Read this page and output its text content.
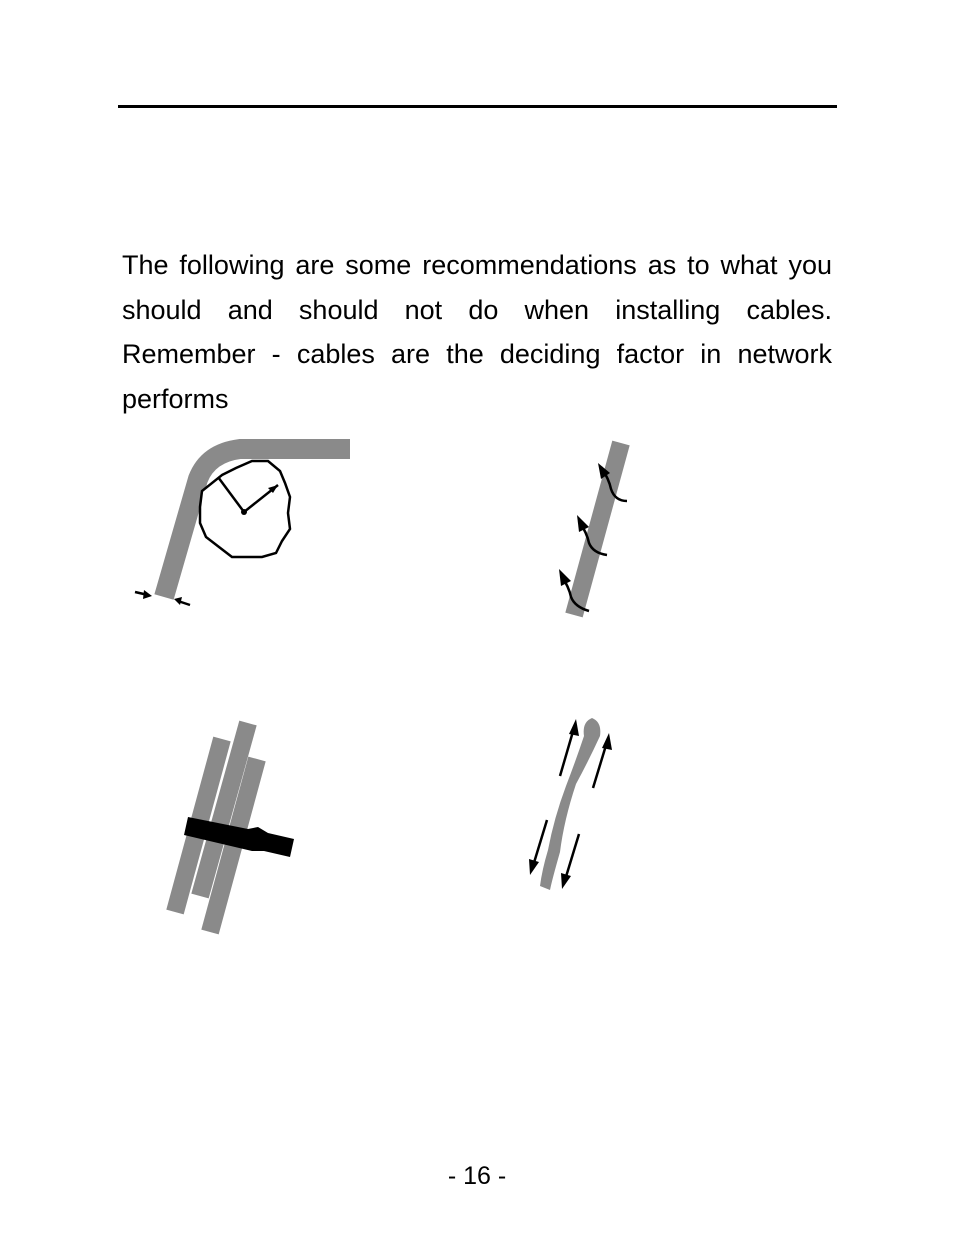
The following are some recommendations as to what you should and should not do when installing cables. Remember - cables are the deciding factor in network performs

- 16 -
